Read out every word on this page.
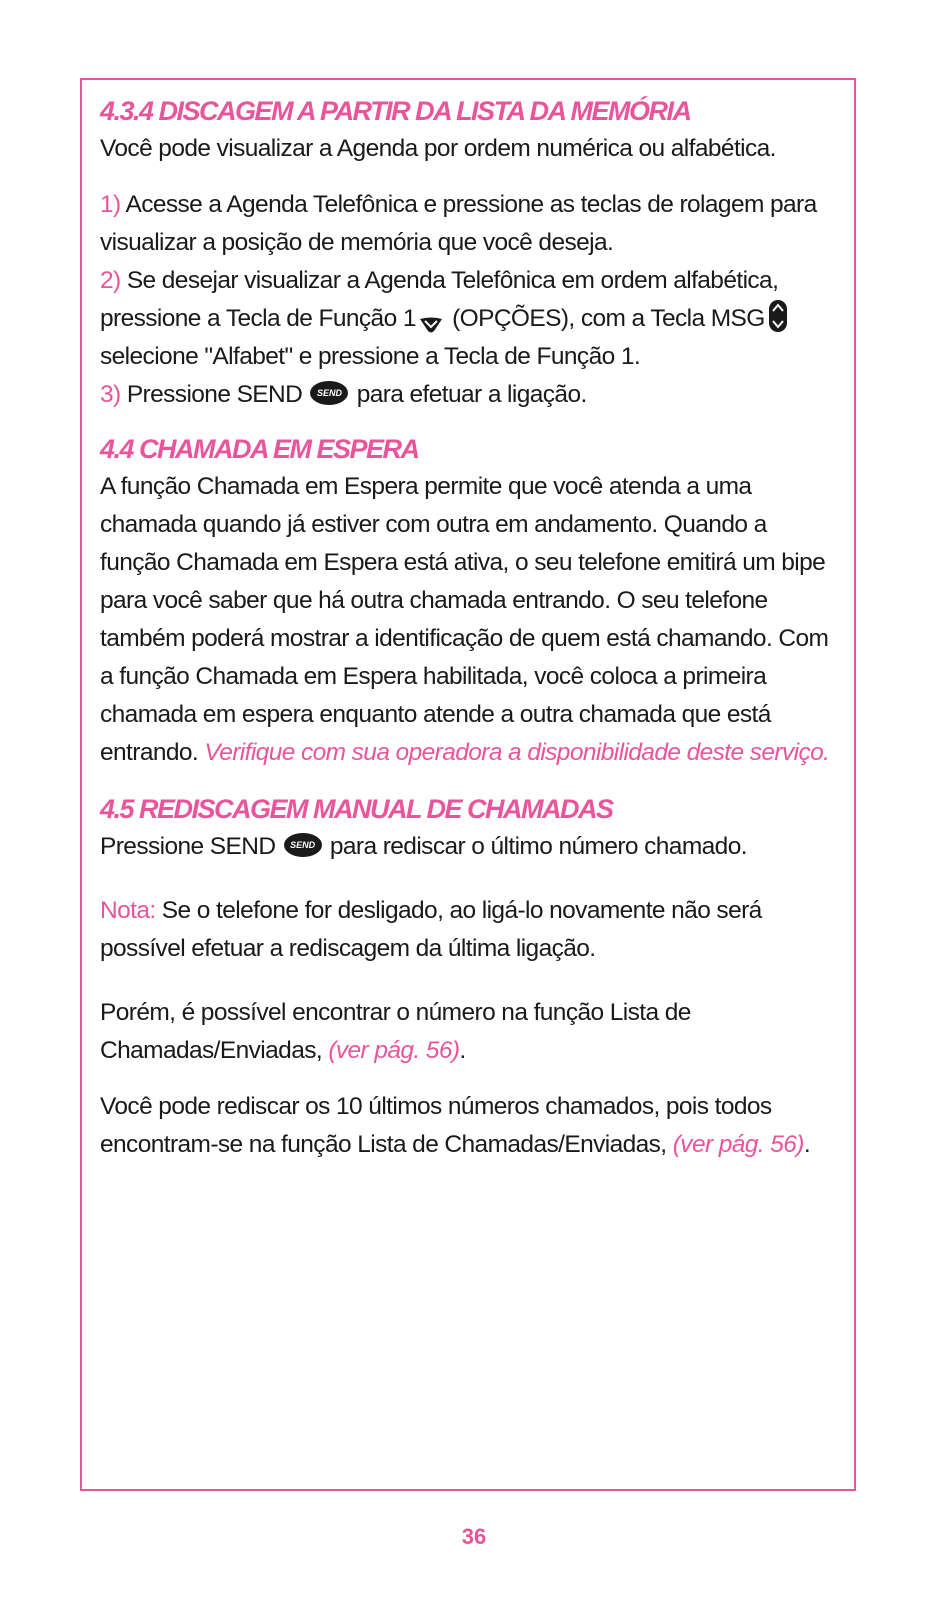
4.3.4 DISCAGEM A PARTIR DA LISTA DA MEMÓRIA

Você pode visualizar a Agenda por ordem numérica ou alfabética.

1) Acesse a Agenda Telefônica e pressione as teclas de rolagem para visualizar a posição de memória que você deseja.

2) Se desejar visualizar a Agenda Telefônica em ordem alfabética, pressione a Tecla de Função 1 (OPÇÕES), com a Tecla MSG selecione "Alfabet" e pressione a Tecla de Função 1.

3) Pressione SEND SEND para efetuar a ligação.

4.4 CHAMADA EM ESPERA

A função Chamada em Espera permite que você atenda a uma chamada quando já estiver com outra em andamento. Quando a função Chamada em Espera está ativa, o seu telefone emitirá um bipe para você saber que há outra chamada entrando. O seu telefone também poderá mostrar a identificação de quem está chamando. Com a função Chamada em Espera habilitada, você coloca a primeira chamada em espera enquanto atende a outra chamada que está entrando. Verifique com sua operadora a disponibilidade deste serviço.

4.5 REDISCAGEM MANUAL DE CHAMADAS

Pressione SEND SEND para rediscar o último número chamado.

Nota: Se o telefone for desligado, ao ligá-lo novamente não será possível efetuar a rediscagem da última ligação.

Porém, é possível encontrar o número na função Lista de Chamadas/Enviadas, (ver pág. 56).

Você pode rediscar os 10 últimos números chamados, pois todos encontram-se na função Lista de Chamadas/Enviadas, (ver pág. 56).

36
